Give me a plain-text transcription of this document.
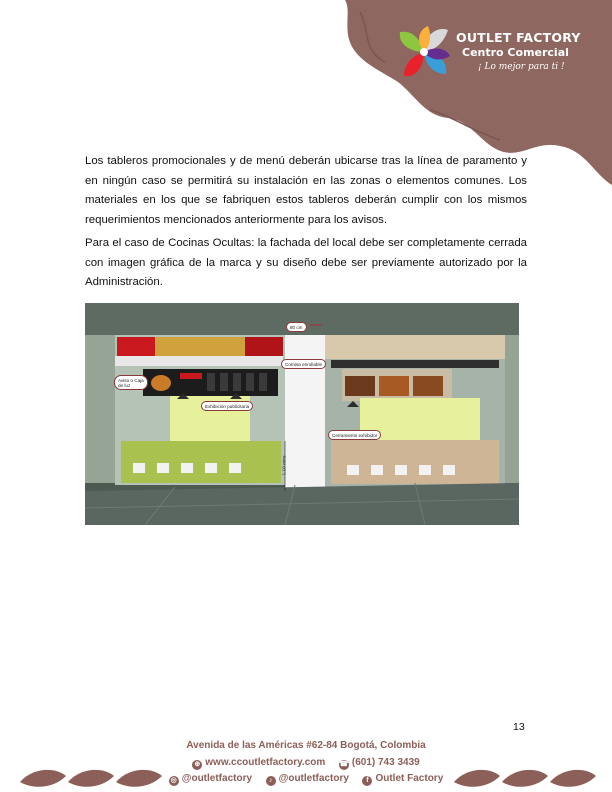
OUTLET FACTORY
Centro Comercial
¡ Lo mejor para ti !

Los tableros promocionales y de menú deberán ubicarse tras la línea de paramento y en ningún caso se permitirá su instalación en las zonas o elementos comunes. Los materiales en los que se fabriquen estos tableros deberán cumplir con los mismos requerimientos mencionados anteriormente para los avisos.

Para el caso de Cocinas Ocultas: la fachada del local debe ser completamente cerrada con imagen gráfica de la marca y su diseño debe ser previamente autorizado por la Administración.

80 cm
Cornisa enrollable
Aviso o Caja de luz
Exhibición publicitaria
Cerramiento exhibidor
1.10 mtrs
13
Avenida de las Américas #62-84 Bogotá, Colombia
⊕ www.ccoutletfactory.com ☎ (601) 743 3439
◎ @outletfactory ♪ @outletfactory f Outlet Factory
